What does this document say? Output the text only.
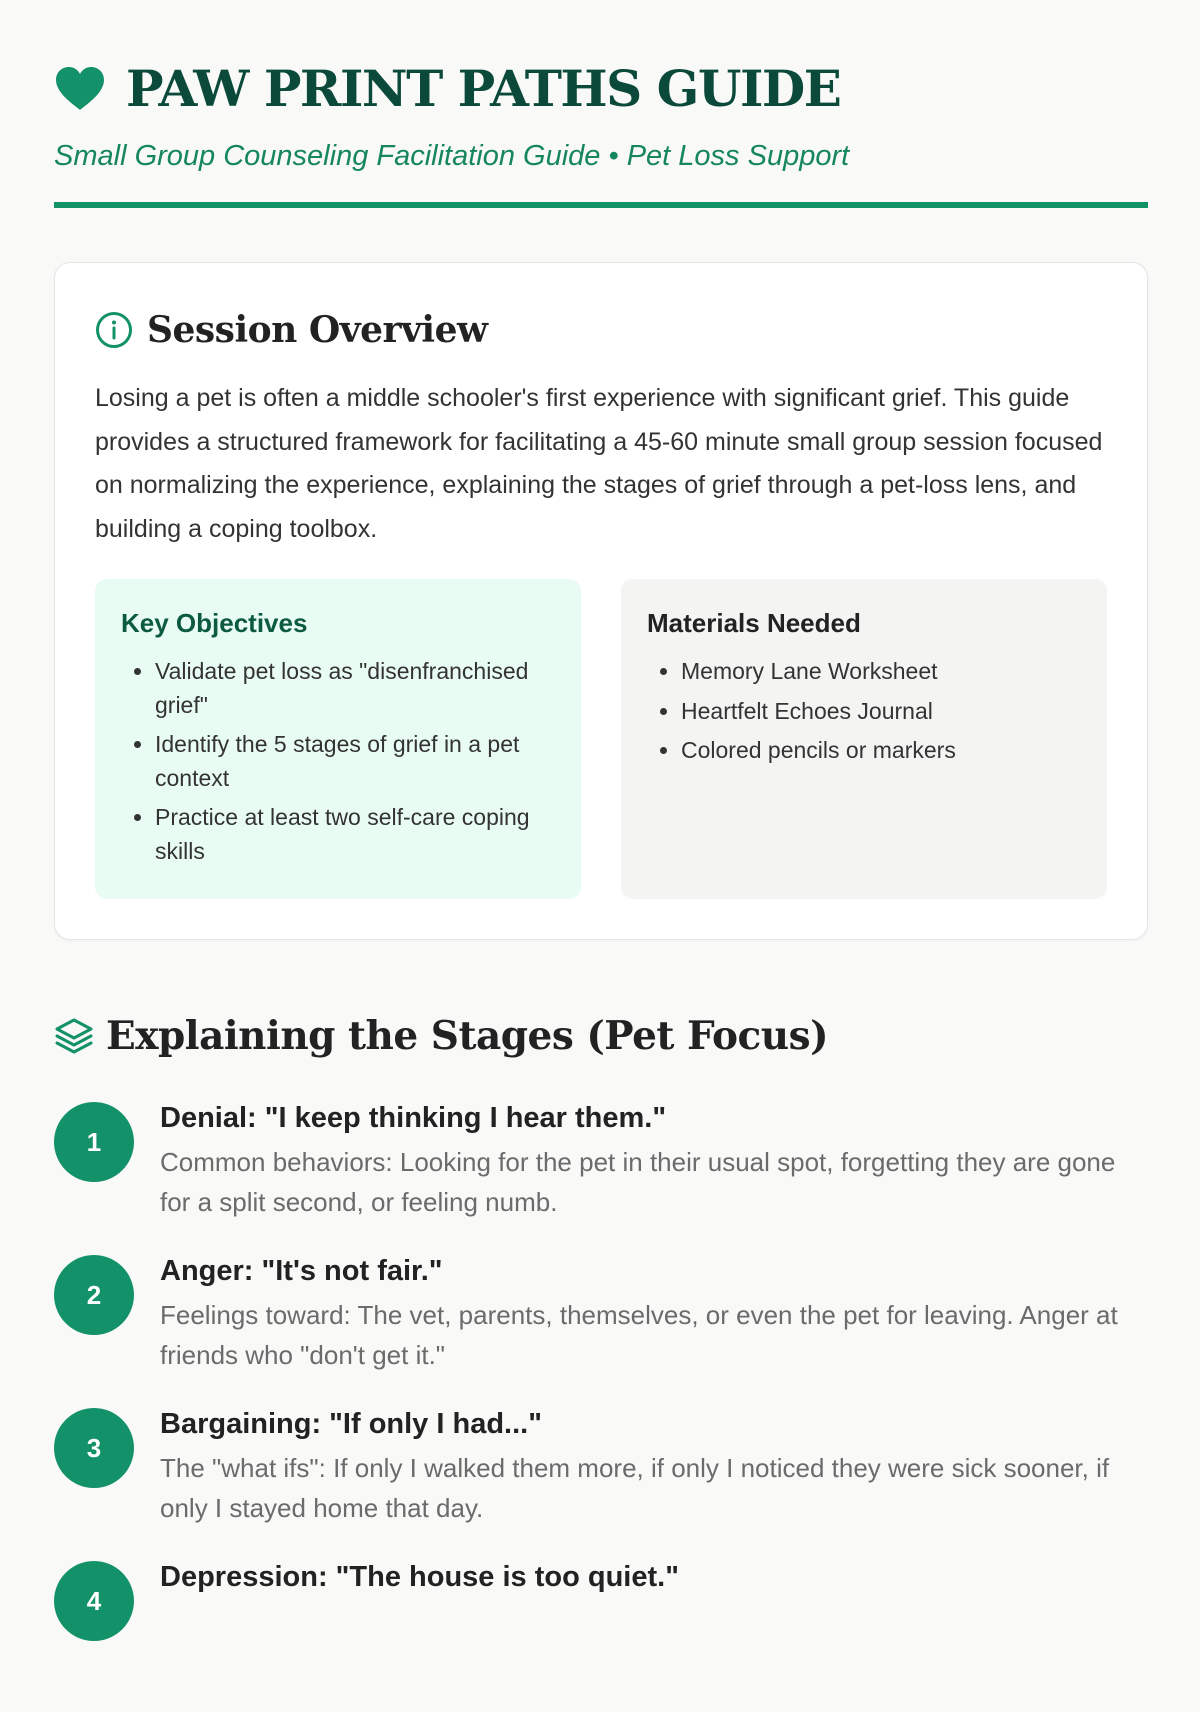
PAW PRINT PATHS GUIDE
Small Group Counseling Facilitation Guide • Pet Loss Support
Session Overview

Losing a pet is often a middle schooler's first experience with significant grief. This guide provides a structured framework for facilitating a 45-60 minute small group session focused on normalizing the experience, explaining the stages of grief through a pet-loss lens, and building a coping toolbox.

Key Objectives
• Validate pet loss as "disenfranchised grief"
• Identify the 5 stages of grief in a pet context
• Practice at least two self-care coping skills
Materials Needed
• Memory Lane Worksheet
• Heartfelt Echoes Journal
• Colored pencils or markers
Explaining the Stages (Pet Focus)
1
Denial: "I keep thinking I hear them."
Common behaviors: Looking for the pet in their usual spot, forgetting they are gone for a split second, or feeling numb.
2
Anger: "It's not fair."
Feelings toward: The vet, parents, themselves, or even the pet for leaving. Anger at friends who "don't get it."
3
Bargaining: "If only I had..."
The "what ifs": If only I walked them more, if only I noticed they were sick sooner, if only I stayed home that day.
4
Depression: "The house is too quiet."
